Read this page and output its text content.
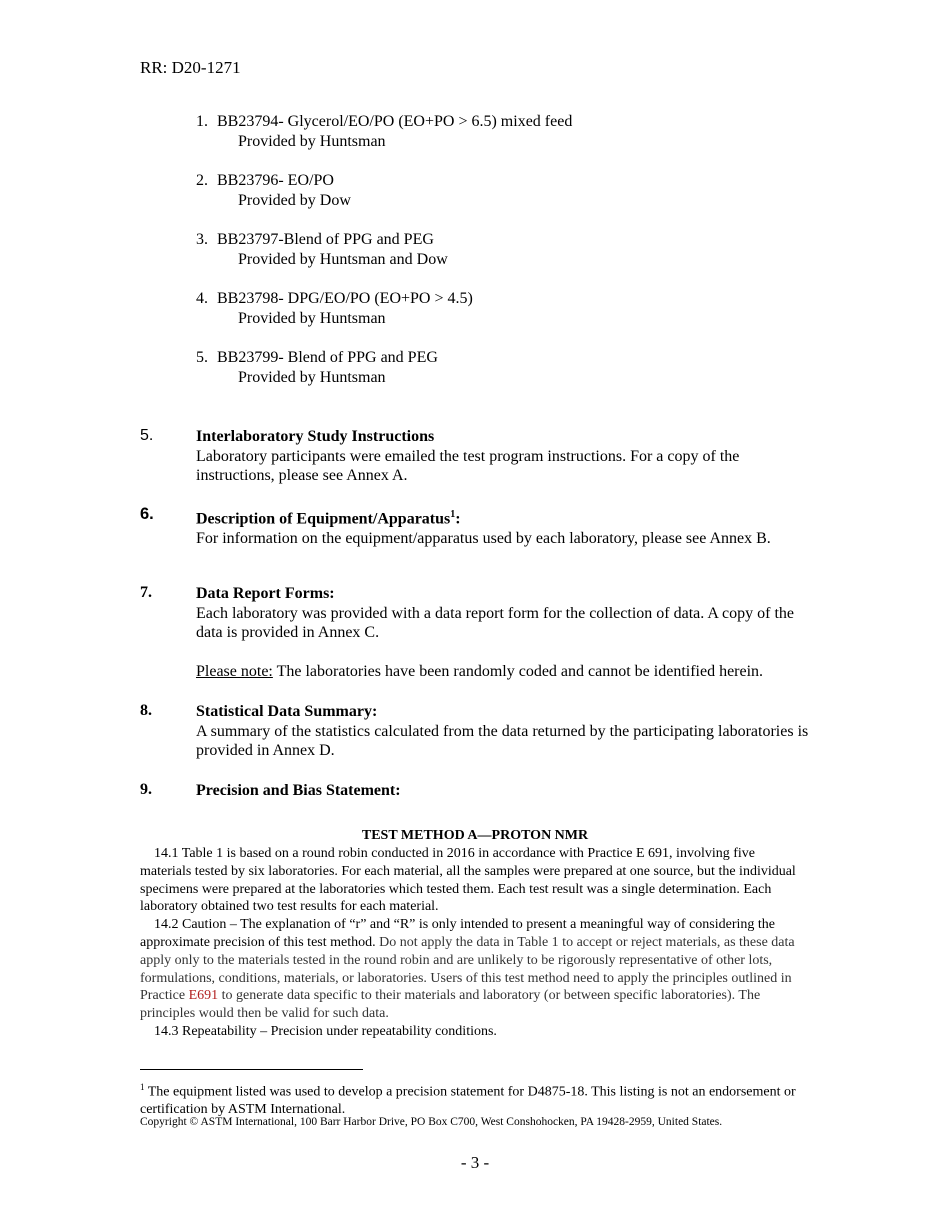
RR: D20-1271
1. BB23794- Glycerol/EO/PO (EO+PO > 6.5) mixed feed
Provided by Huntsman
2. BB23796- EO/PO
Provided by Dow
3. BB23797-Blend of PPG and PEG
Provided by Huntsman and Dow
4. BB23798- DPG/EO/PO (EO+PO > 4.5)
Provided by Huntsman
5. BB23799- Blend of PPG and PEG
Provided by Huntsman
5.	Interlaboratory Study Instructions
Laboratory participants were emailed the test program instructions. For a copy of the instructions, please see Annex A.
6.	Description of Equipment/Apparatus$^1$:
For information on the equipment/apparatus used by each laboratory, please see Annex B.
7.	Data Report Forms:
Each laboratory was provided with a data report form for the collection of data. A copy of the data is provided in Annex C.
Please note: The laboratories have been randomly coded and cannot be identified herein.
8.	Statistical Data Summary:
A summary of the statistics calculated from the data returned by the participating laboratories is provided in Annex D.
9.	Precision and Bias Statement:
TEST METHOD A—PROTON NMR

14.1 Table 1 is based on a round robin conducted in 2016 in accordance with Practice E 691, involving five materials tested by six laboratories. For each material, all the samples were prepared at one source, but the individual specimens were prepared at the laboratories which tested them. Each test result was a single determination. Each laboratory obtained two test results for each material.

14.2 Caution – The explanation of “r” and “R” is only intended to present a meaningful way of considering the approximate precision of this test method. Do not apply the data in Table 1 to accept or reject materials, as these data apply only to the materials tested in the round robin and are unlikely to be rigorously representative of other lots, formulations, conditions, materials, or laboratories. Users of this test method need to apply the principles outlined in Practice E691 to generate data specific to their materials and laboratory (or between specific laboratories). The principles would then be valid for such data.

14.3 Repeatability – Precision under repeatability conditions.

$^1$ The equipment listed was used to develop a precision statement for D4875-18. This listing is not an endorsement or certification by ASTM International.
Copyright © ASTM International, 100 Barr Harbor Drive, PO Box C700, West Conshohocken, PA 19428-2959, United States.
- 3 -
